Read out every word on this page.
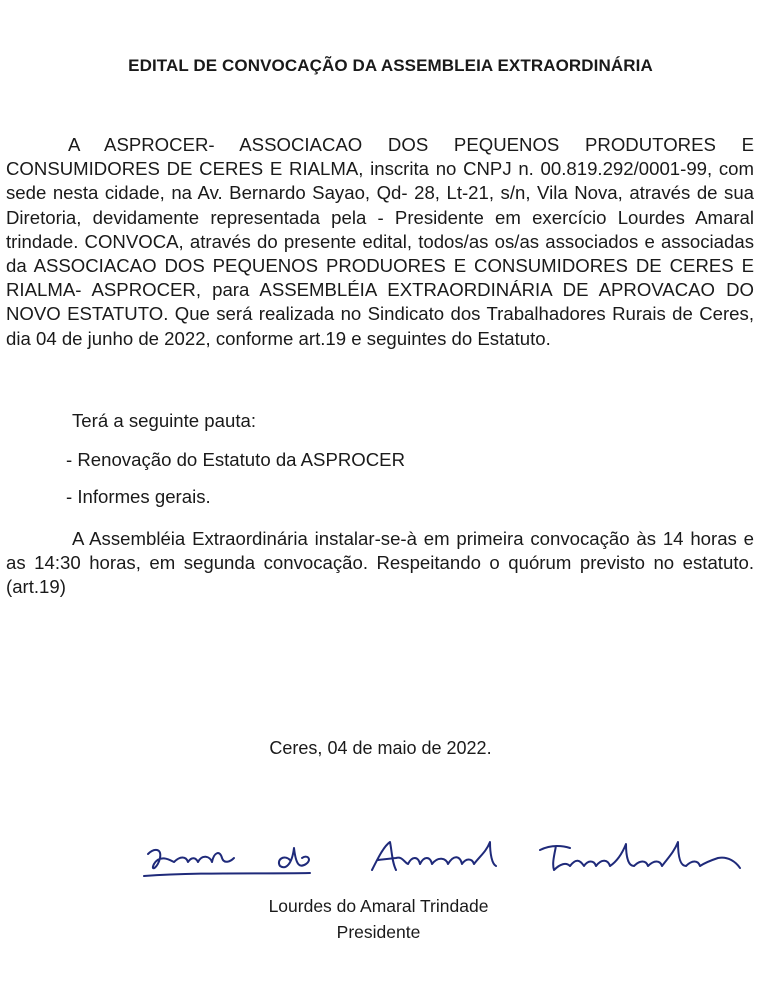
EDITAL DE CONVOCAÇÃO DA ASSEMBLEIA EXTRAORDINÁRIA
A ASPROCER- ASSOCIACAO DOS PEQUENOS PRODUTORES E CONSUMIDORES DE CERES E RIALMA, inscrita no CNPJ n. 00.819.292/0001-99, com sede nesta cidade, na Av. Bernardo Sayao, Qd- 28, Lt-21, s/n, Vila Nova, através de sua Diretoria, devidamente representada pela - Presidente em exercício Lourdes Amaral trindade. CONVOCA, através do presente edital, todos/as os/as associados e associadas da ASSOCIACAO DOS PEQUENOS PRODUORES E CONSUMIDORES DE CERES E RIALMA- ASPROCER, para ASSEMBLÉIA EXTRAORDINÁRIA DE APROVACAO DO NOVO ESTATUTO. Que será realizada no Sindicato dos Trabalhadores Rurais de Ceres, dia 04 de junho de 2022, conforme art.19 e seguintes do Estatuto.
Terá a seguinte pauta:
- Renovação do Estatuto da ASPROCER
- Informes gerais.
A Assembléia Extraordinária instalar-se-à em primeira convocação às 14 horas e as 14:30 horas, em segunda convocação. Respeitando o quórum previsto no estatuto. (art.19)
Ceres, 04 de maio de 2022.
Lourdes do Amaral Trindade
Presidente
